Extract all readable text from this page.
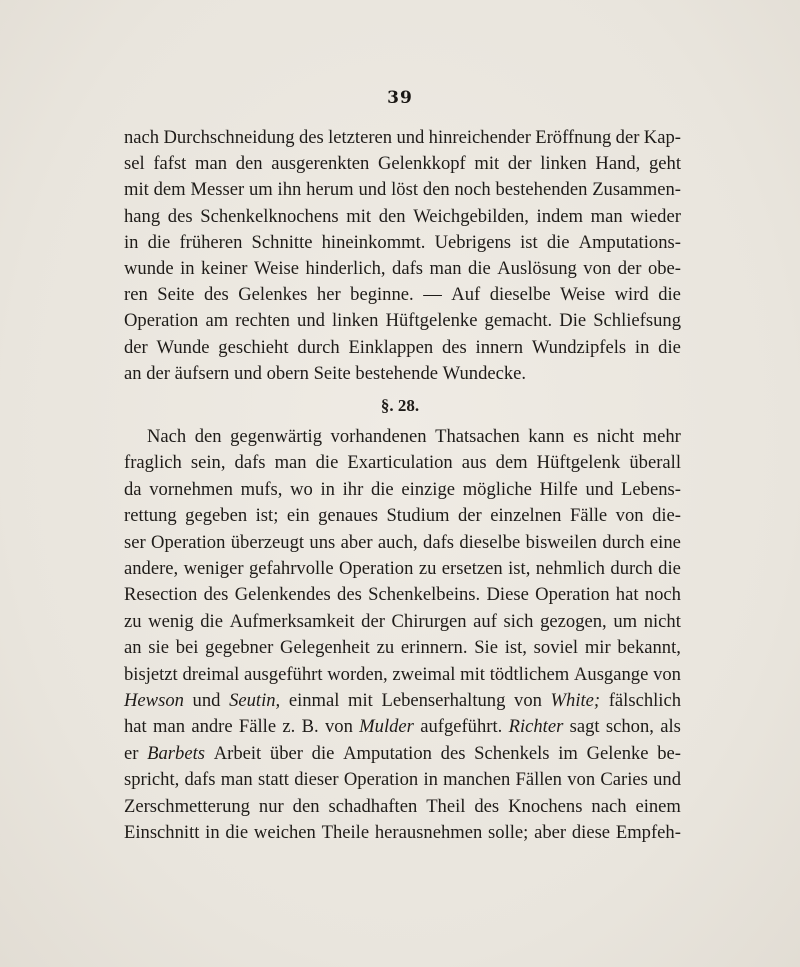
39
nach Durchschneidung des letzteren und hinreichender Eröffnung der Kap-
sel fafst man den ausgerenkten Gelenkkopf mit der linken Hand, geht
mit dem Messer um ihn herum und löst den noch bestehenden Zusammen-
hang des Schenkelknochens mit den Weichgebilden, indem man wieder
in die früheren Schnitte hineinkommt. Uebrigens ist die Amputations-
wunde in keiner Weise hinderlich, dafs man die Auslösung von der obe-
ren Seite des Gelenkes her beginne. — Auf dieselbe Weise wird die
Operation am rechten und linken Hüftgelenke gemacht. Die Schliefsung
der Wunde geschieht durch Einklappen des innern Wundzipfels in die
an
der
äufsern
und
obern
Seite
bestehende
Wundecke.
§. 28.
Nach den gegenwärtig vorhandenen Thatsachen kann es nicht mehr
fraglich sein, dafs man die Exarticulation aus dem Hüftgelenk überall
da vornehmen mufs, wo in ihr die einzige mögliche Hilfe und Lebens-
rettung gegeben ist; ein genaues Studium der einzelnen Fälle von die-
ser Operation überzeugt uns aber auch, dafs dieselbe bisweilen durch eine
andere, weniger gefahrvolle Operation zu ersetzen ist, nehmlich durch die
Resection des Gelenkendes des Schenkelbeins. Diese Operation hat noch
zu wenig die Aufmerksamkeit der Chirurgen auf sich gezogen, um nicht
an sie bei gegebner Gelegenheit zu erinnern. Sie ist, soviel mir bekannt,
bisjetzt dreimal ausgeführt worden, zweimal mit tödtlichem Ausgange von
Hewson und Seutin, einmal mit Lebenserhaltung von White; fälschlich
hat man andre Fälle z. B. von Mulder aufgeführt. Richter sagt schon, als
er Barbets Arbeit über die Amputation des Schenkels im Gelenke be-
spricht, dafs man statt dieser Operation in manchen Fällen von Caries und
Zerschmetterung nur den schadhaften Theil des Knochens nach einem
Einschnitt in die weichen Theile herausnehmen solle; aber diese Empfeh-
